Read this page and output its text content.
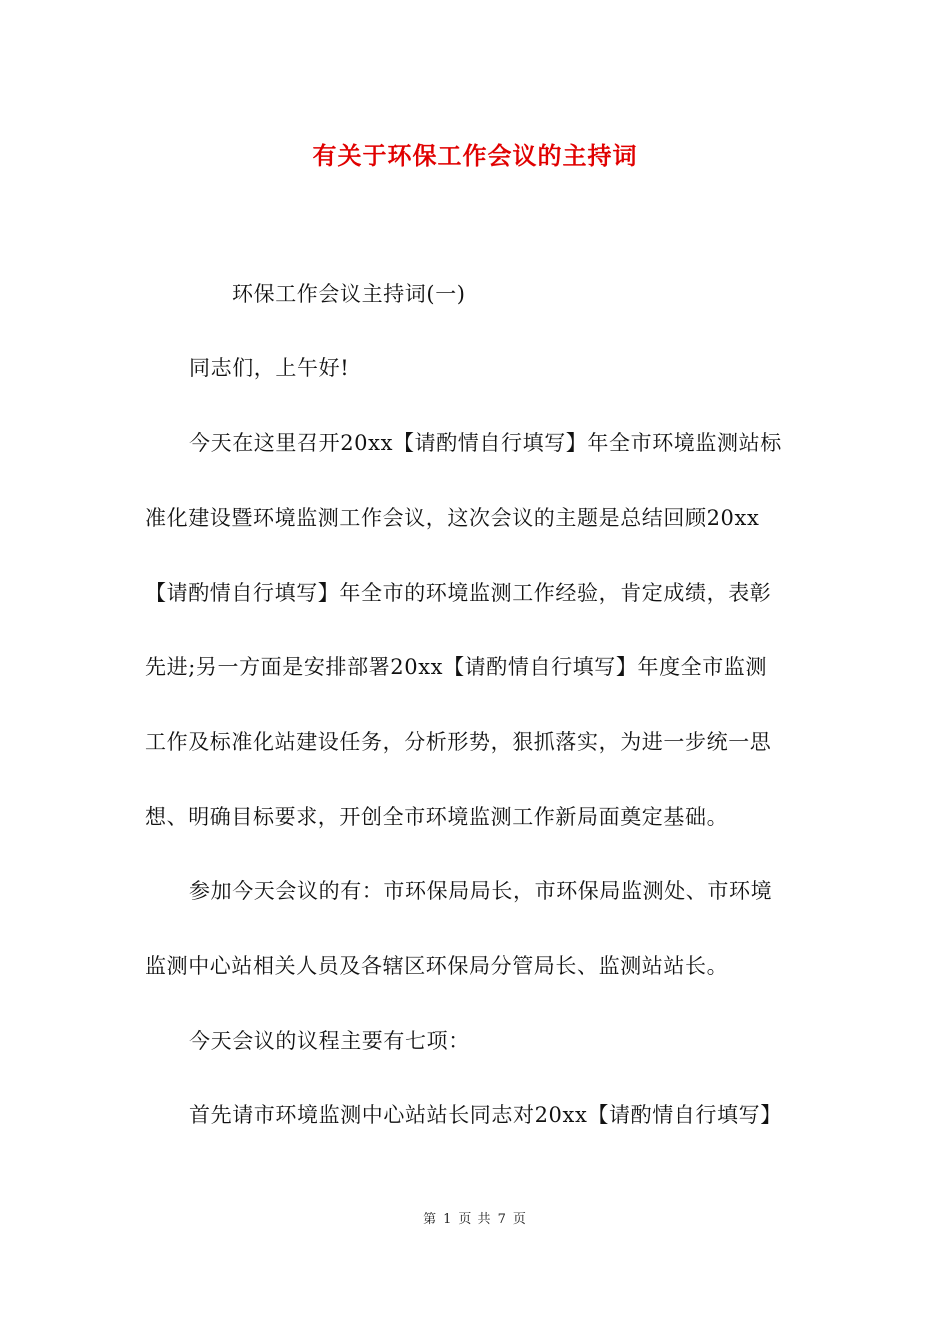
有关于环保工作会议的主持词
环保工作会议主持词(一)
同志们，上午好!
今天在这里召开20xx【请酌情自行填写】年全市环境监测站标
准化建设暨环境监测工作会议，这次会议的主题是总结回顾20xx
【请酌情自行填写】年全市的环境监测工作经验，肯定成绩，表彰
先进;另一方面是安排部署20xx【请酌情自行填写】年度全市监测
工作及标准化站建设任务，分析形势，狠抓落实，为进一步统一思
想、明确目标要求，开创全市环境监测工作新局面奠定基础。
参加今天会议的有：市环保局局长，市环保局监测处、市环境
监测中心站相关人员及各辖区环保局分管局长、监测站站长。
今天会议的议程主要有七项：
首先请市环境监测中心站站长同志对20xx【请酌情自行填写】
第 1 页 共 7 页
